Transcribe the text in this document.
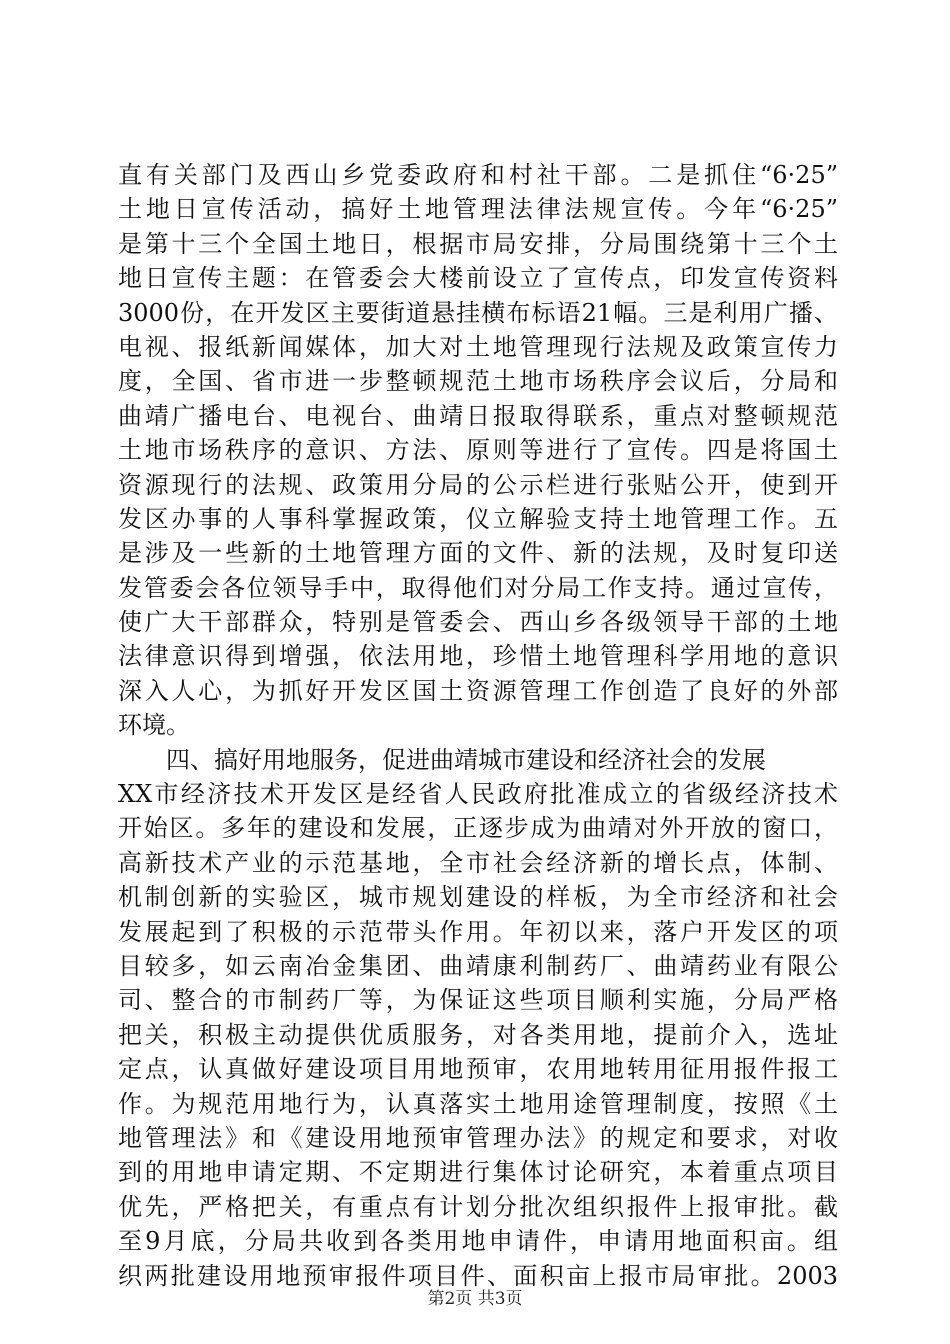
直有关部门及西山乡党委政府和村社干部。二是抓住“6·25”
土地日宣传活动，搞好土地管理法律法规宣传。今年“6·25”
是第十三个全国土地日，根据市局安排，分局围绕第十三个土
地日宣传主题：在管委会大楼前设立了宣传点，印发宣传资料
3000份，在开发区主要街道悬挂横布标语21幅。三是利用广播、
电视、报纸新闻媒体，加大对土地管理现行法规及政策宣传力
度，全国、省市进一步整顿规范土地市场秩序会议后，分局和
曲靖广播电台、电视台、曲靖日报取得联系，重点对整顿规范
土地市场秩序的意识、方法、原则等进行了宣传。四是将国土
资源现行的法规、政策用分局的公示栏进行张贴公开，使到开
发区办事的人事科掌握政策，仪立解验支持土地管理工作。五
是涉及一些新的土地管理方面的文件、新的法规，及时复印送
发管委会各位领导手中，取得他们对分局工作支持。通过宣传，
使广大干部群众，特别是管委会、西山乡各级领导干部的土地
法律意识得到增强，依法用地，珍惜土地管理科学用地的意识
深入人心，为抓好开发区国土资源管理工作创造了良好的外部
环境。
四、搞好用地服务，促进曲靖城市建设和经济社会的发展
XX市经济技术开发区是经省人民政府批准成立的省级经济技术
开始区。多年的建设和发展，正逐步成为曲靖对外开放的窗口，
高新技术产业的示范基地，全市社会经济新的增长点，体制、
机制创新的实验区，城市规划建设的样板，为全市经济和社会
发展起到了积极的示范带头作用。年初以来，落户开发区的项
目较多，如云南冶金集团、曲靖康利制药厂、曲靖药业有限公
司、整合的市制药厂等，为保证这些项目顺利实施，分局严格
把关，积极主动提供优质服务，对各类用地，提前介入，选址
定点，认真做好建设项目用地预审，农用地转用征用报件报工
作。为规范用地行为，认真落实土地用途管理制度，按照《土
地管理法》和《建设用地预审管理办法》的规定和要求，对收
到的用地申请定期、不定期进行集体讨论研究，本着重点项目
优先，严格把关，有重点有计划分批次组织报件上报审批。截
至9月底，分局共收到各类用地申请件，申请用地面积亩。组
织两批建设用地预审报件项目件、面积亩上报市局审批。2003
第2页 共3页
